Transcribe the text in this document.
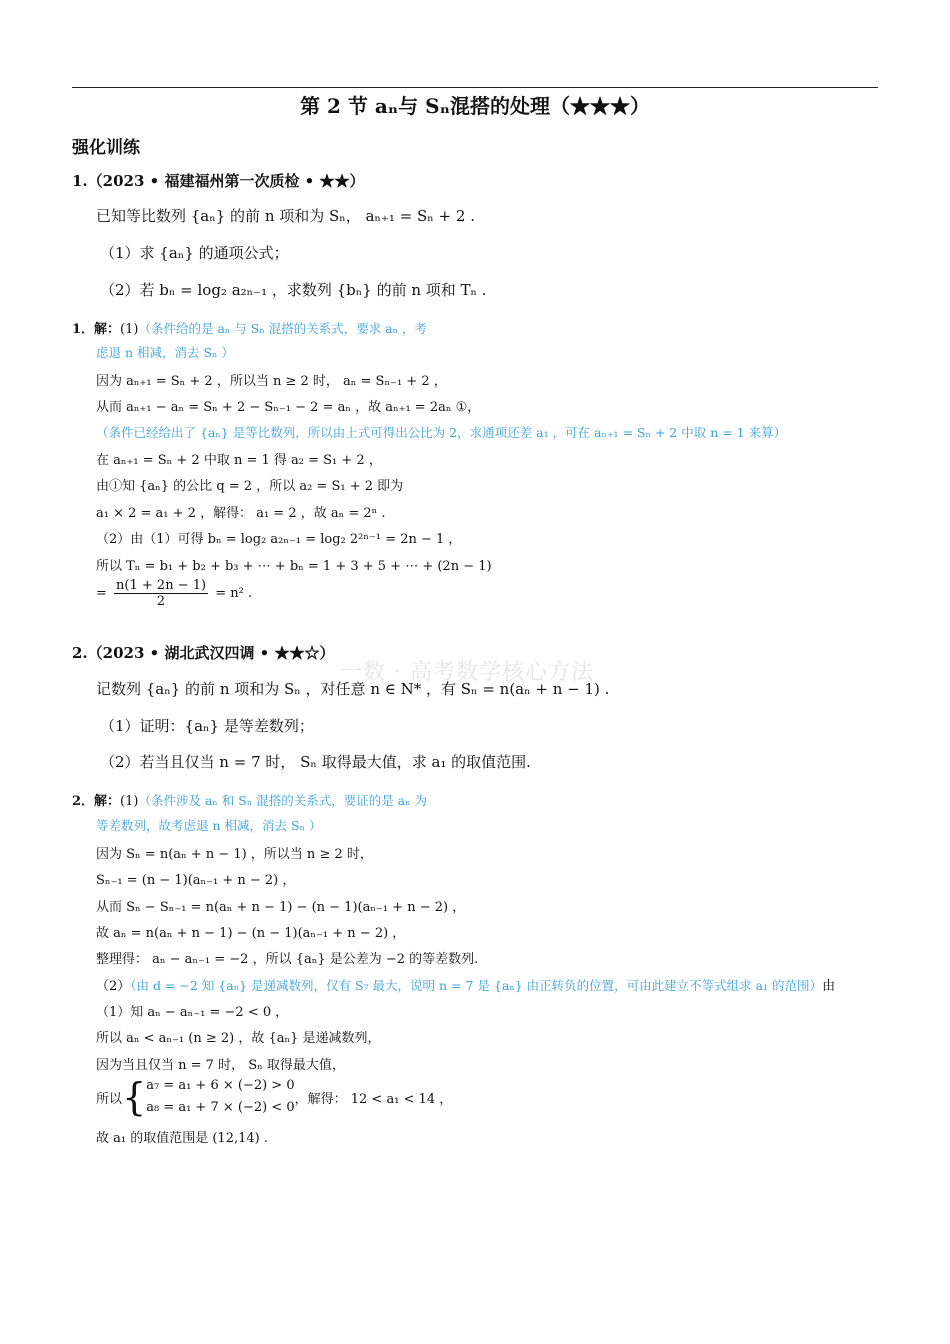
第 2 节 aₙ与 Sₙ混搭的处理（★★★）
强化训练
一数 · 高考数学核心方法
1.（2023 • 福建福州第一次质检 • ★★）
已知等比数列 {aₙ} 的前 n 项和为 Sₙ， aₙ₊₁ = Sₙ + 2 .
（1）求 {aₙ} 的通项公式；
（2）若 bₙ = log₂ a₂ₙ₋₁ ，求数列 {bₙ} 的前 n 项和 Tₙ .
1．解：(1)（条件给的是 aₙ 与 Sₙ 混搭的关系式，要求 aₙ ，考
虑退 n 相减，消去 Sₙ ）
因为 aₙ₊₁ = Sₙ + 2 ，所以当 n ≥ 2 时， aₙ = Sₙ₋₁ + 2 ，
从而 aₙ₊₁ − aₙ = Sₙ + 2 − Sₙ₋₁ − 2 = aₙ ，故 aₙ₊₁ = 2aₙ ①，
（条件已经给出了 {aₙ} 是等比数列，所以由上式可得出公比为 2，求通项还差 a₁ ，可在 aₙ₊₁ = Sₙ + 2 中取 n = 1 来算）
在 aₙ₊₁ = Sₙ + 2 中取 n = 1 得 a₂ = S₁ + 2 ，
由①知 {aₙ} 的公比 q = 2 ，所以 a₂ = S₁ + 2 即为
a₁ × 2 = a₁ + 2 ，解得： a₁ = 2 ，故 aₙ = 2ⁿ .
（2）由（1）可得 bₙ = log₂ a₂ₙ₋₁ = log₂ 2²ⁿ⁻¹ = 2n − 1 ，
所以 Tₙ = b₁ + b₂ + b₃ + ⋯ + bₙ = 1 + 3 + 5 + ⋯ + (2n − 1)
= $\frac{n(1 + 2n - 1)}{2} = n^2$ .
2.（2023 • 湖北武汉四调 • ★★☆）
记数列 {aₙ} 的前 n 项和为 Sₙ ，对任意 n ∈ N* ，有 Sₙ = n(aₙ + n − 1) .
（1）证明：{aₙ} 是等差数列；
（2）若当且仅当 n = 7 时， Sₙ 取得最大值，求 a₁ 的取值范围.
2．解：(1)（条件涉及 aₙ 和 Sₙ 混搭的关系式，要证的是 aₙ 为
等差数列，故考虑退 n 相减，消去 Sₙ ）
因为 Sₙ = n(aₙ + n − 1) ，所以当 n ≥ 2 时，
Sₙ₋₁ = (n − 1)(aₙ₋₁ + n − 2) ，
从而 Sₙ − Sₙ₋₁ = n(aₙ + n − 1) − (n − 1)(aₙ₋₁ + n − 2) ，
故 aₙ = n(aₙ + n − 1) − (n − 1)(aₙ₋₁ + n − 2) ，
整理得： aₙ − aₙ₋₁ = −2 ，所以 {aₙ} 是公差为 −2 的等差数列.
（2）（由 d = −2 知 {aₙ} 是递减数列，仅有 S₇ 最大，说明 n = 7 是 {aₙ} 由正转负的位置，可由此建立不等式组求 a₁ 的范围）由
（1）知 aₙ − aₙ₋₁ = −2 < 0 ，
所以 aₙ < aₙ₋₁ (n ≥ 2) ，故 {aₙ} 是递减数列，
因为当且仅当 n = 7 时， Sₙ 取得最大值，
所以 { a₇ = a₁ + 6 × (−2) > 0
a₈ = a₁ + 7 × (−2) < 0
，解得： 12 < a₁ < 14 ，
故 a₁ 的取值范围是 (12,14) .
